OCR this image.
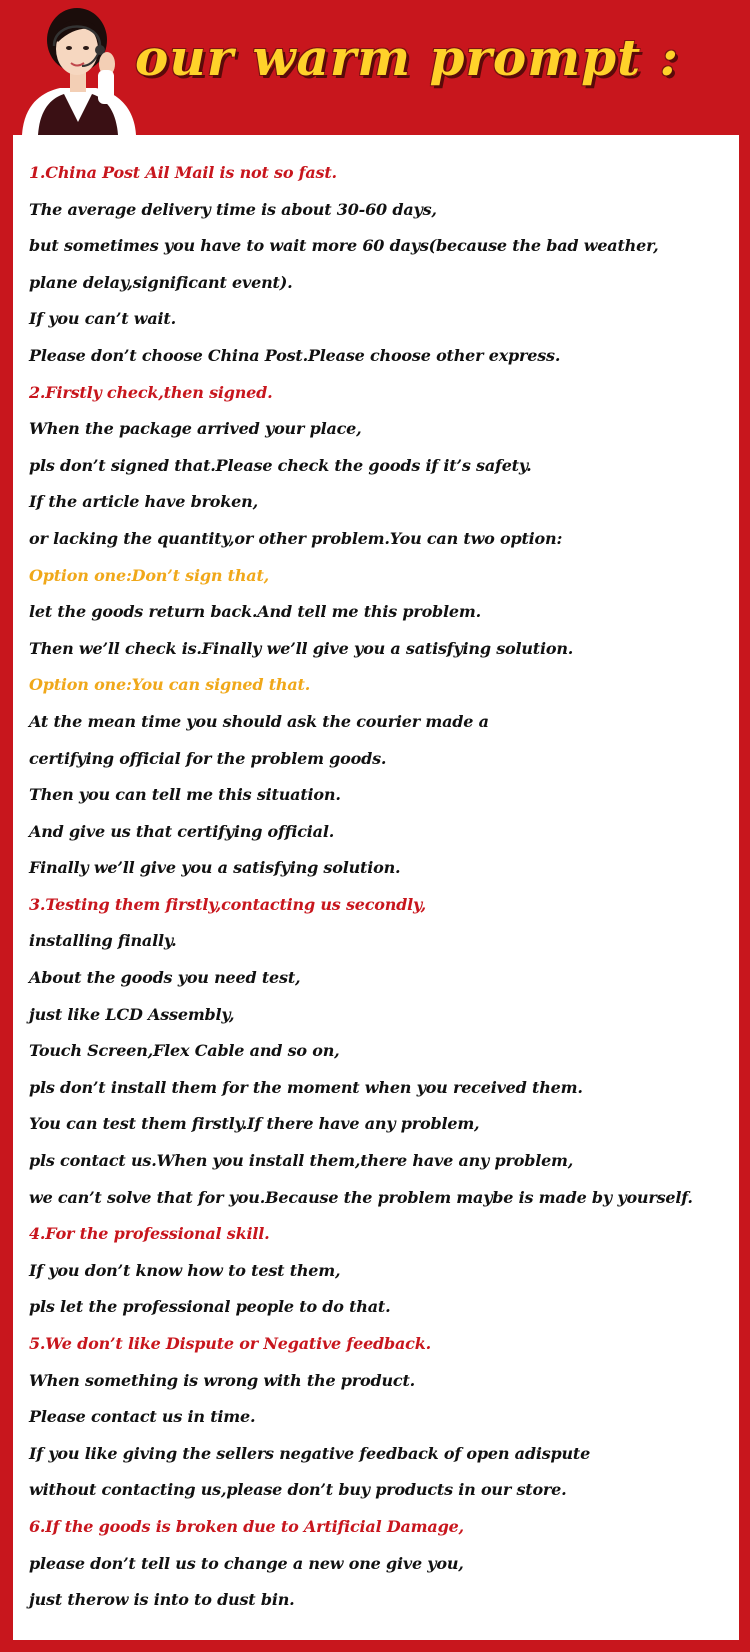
our warm prompt :
1.China Post Ail Mail is not so fast.
The average delivery time is about 30-60 days,
but sometimes you have to wait more 60 days(because the bad weather,
plane delay,significant event).
If you can’t wait.
Please don’t choose China Post.Please choose other express.
2.Firstly check,then signed.
When the package arrived your place,
pls don’t signed that.Please check the goods if it’s safety.
If the article have broken,
or lacking the quantity,or other problem.You can two option:
Option one:Don’t sign that,
let the goods return back.And tell me this problem.
Then we’ll check is.Finally we’ll give you a satisfying solution.
Option one:You can signed that.
At the mean time you should ask the courier made a
certifying official for the problem goods.
Then you can tell me this situation.
And give us that certifying official.
Finally we’ll give you a satisfying solution.
3.Testing them firstly,contacting us secondly,
installing finally.
About the goods you need test,
just like LCD Assembly,
Touch Screen,Flex Cable and so on,
pls don’t install them for the moment when you received them.
You can test them firstly.If there have any problem,
pls contact us.When you install them,there have any problem,
we can’t solve that for you.Because the problem maybe is made by yourself.
4.For the professional skill.
If you don’t know how to test them,
pls let the professional people to do that.
5.We don’t like Dispute or Negative feedback.
When something is wrong with the product.
Please contact us in time.
If you like giving the sellers negative feedback of open adispute
without contacting us,please don’t buy products in our store.
6.If the goods is broken due to Artificial Damage,
please don’t tell us to change a new one give you,
just therow is into to dust bin.
